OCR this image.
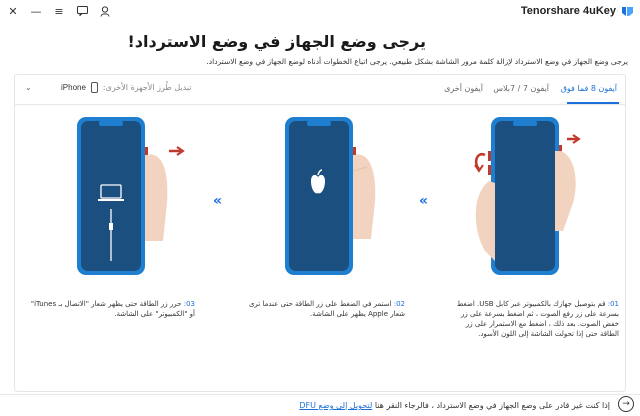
✕ — ≡	Tenorshare 4uKey
يرجى وضع الجهاز في وضع الاسترداد!
يرجى وضع الجهاز في وضع الاسترداد لإزالة كلمة مرور الشاشة بشكل طبيعي. يرجى اتباع الخطوات أدناه لوضع الجهاز في وضع الاسترداد.
آيفون 8 فما فوق
آيفون 7 / 7بلاس
آيفون أخرى
تبديل طُرز الأجهزة الأخرى:
iPhone
⌄
«
«
01: قم بتوصيل جهازك بالكمبيوتر عبر كابل USB. اضغط بسرعة على زر رفع الصوت ، ثم اضغط بسرعة على زر خفض الصوت. بعد ذلك ، اضغط مع الاستمرار على زر الطاقة حتى إذا تحولت الشاشة إلى اللون الأسود.
02: استمر في الضغط على زر الطاقة حتى عندما ترى شعار Apple يظهر على الشاشة.
03: حرر زر الطاقة حتى يظهر شعار "الاتصال بـ iTunes" أو "الكمبيوتر" على الشاشة.
إذا كنت غير قادر على وضع الجهاز في وضع الاسترداد ، فالرجاء النقر هنا لتحويل إلى وضع DFU	→
